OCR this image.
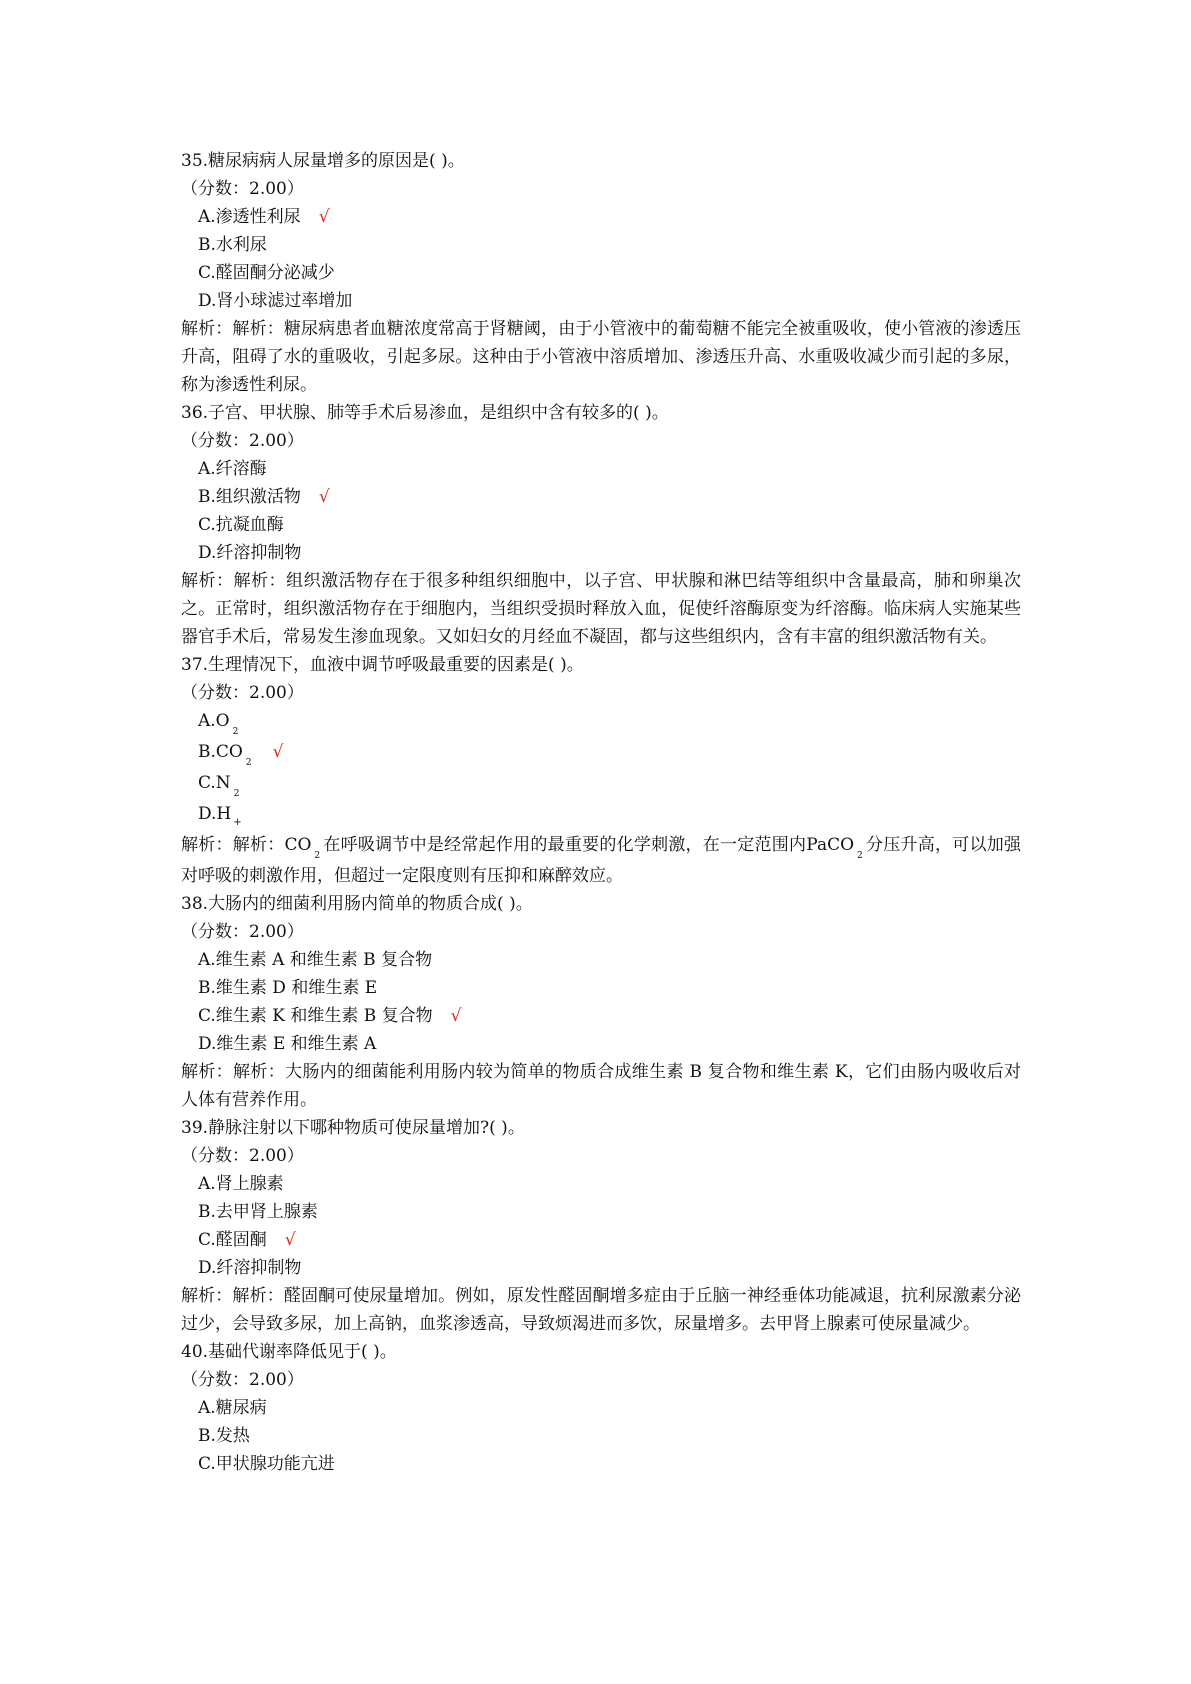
35.糖尿病病人尿量增多的原因是( )。

（分数：2.00）

A.渗透性利尿 √

B.水利尿

C.醛固酮分泌减少

D.肾小球滤过率增加

解析：解析：糖尿病患者血糖浓度常高于肾糖阈，由于小管液中的葡萄糖不能完全被重吸收，使小管液的渗透压升高，阻碍了水的重吸收，引起多尿。这种由于小管液中溶质增加、渗透压升高、水重吸收减少而引起的多尿，称为渗透性利尿。

36.子宫、甲状腺、肺等手术后易渗血，是组织中含有较多的( )。

（分数：2.00）

A.纤溶酶

B.组织激活物 √

C.抗凝血酶

D.纤溶抑制物

解析：解析：组织激活物存在于很多种组织细胞中，以子宫、甲状腺和淋巴结等组织中含量最高，肺和卵巢次之。正常时，组织激活物存在于细胞内，当组织受损时释放入血，促使纤溶酶原变为纤溶酶。临床病人实施某些器官手术后，常易发生渗血现象。又如妇女的月经血不凝固，都与这些组织内，含有丰富的组织激活物有关。

37.生理情况下，血液中调节呼吸最重要的因素是( )。

（分数：2.00）

$A.O_2$

$B.CO_2√$

$C.N_2$

D.H $_+$

解析：解析：$CO_2$在呼吸调节中是经常起作用的最重要的化学刺激，在一定范围内PaCO$_2$分压升高，可以加强对呼吸的刺激作用，但超过一定限度则有压抑和麻醉效应。

38.大肠内的细菌利用肠内简单的物质合成( )。

（分数：2.00）

A.维生素 A 和维生素 B 复合物

B.维生素 D 和维生素 E

C.维生素 K 和维生素 B 复合物 √

D.维生素 E 和维生素 A

解析：解析：大肠内的细菌能利用肠内较为简单的物质合成维生素 B 复合物和维生素 K，它们由肠内吸收后对人体有营养作用。

39.静脉注射以下哪种物质可使尿量增加?( )。

（分数：2.00）

A.肾上腺素

B.去甲肾上腺素

C.醛固酮 √

D.纤溶抑制物

解析：解析：醛固酮可使尿量增加。例如，原发性醛固酮增多症由于丘脑一神经垂体功能减退，抗利尿激素分泌过少，会导致多尿，加上高钠，血浆渗透高，导致烦渴进而多饮，尿量增多。去甲肾上腺素可使尿量减少。

40.基础代谢率降低见于( )。

（分数：2.00）

A.糖尿病

B.发热

C.甲状腺功能亢进
